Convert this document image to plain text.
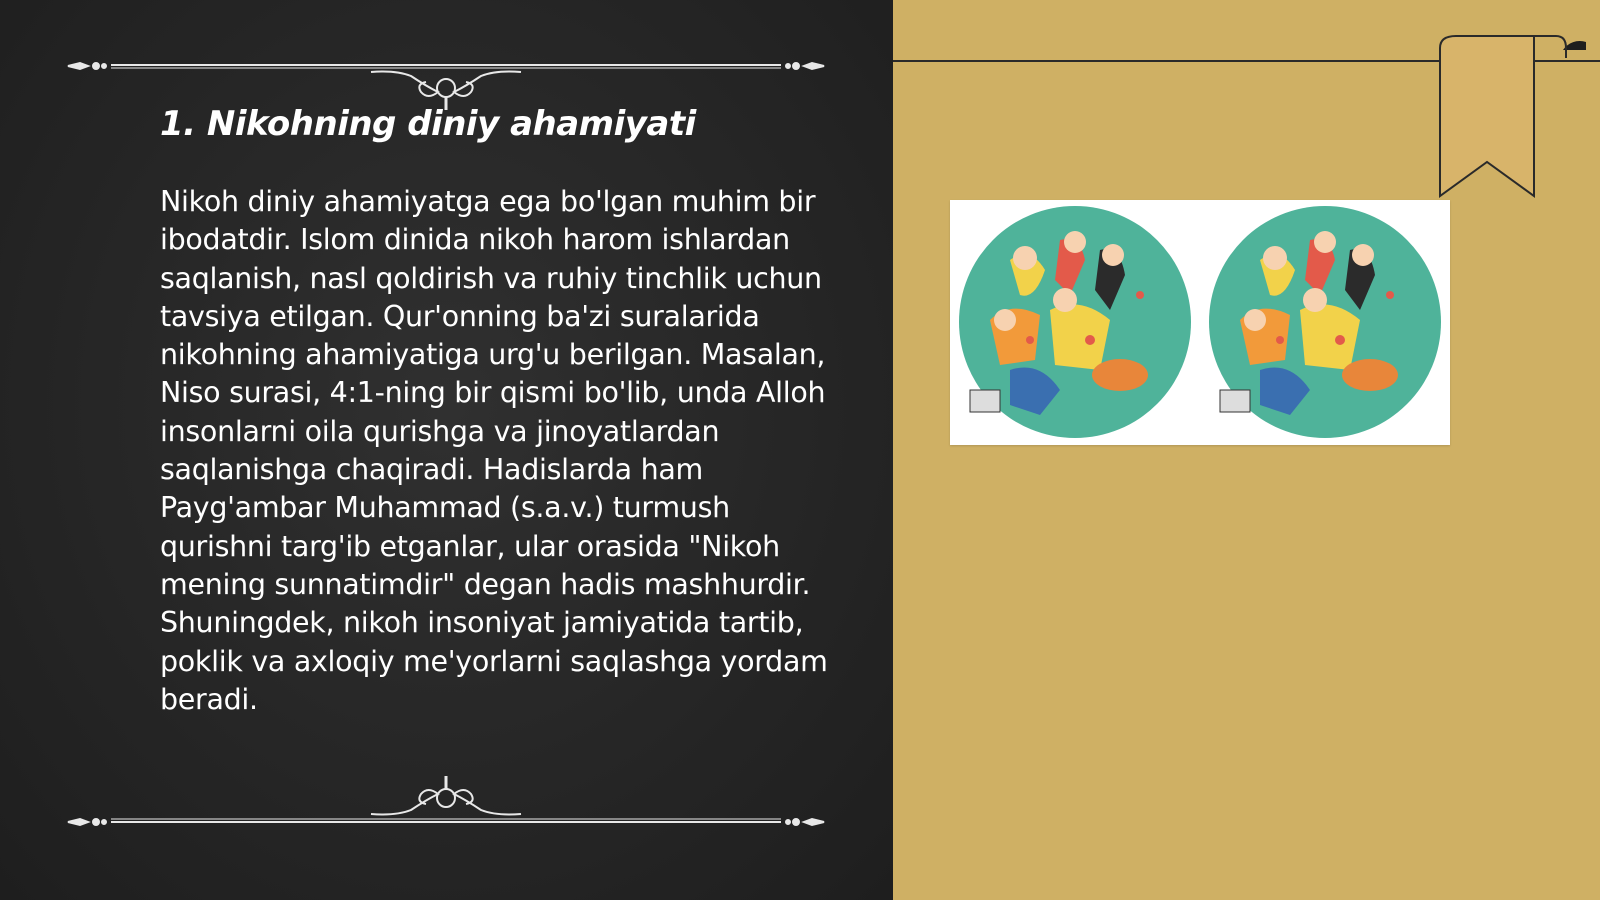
1. Nikohning diniy ahamiyati

Nikoh diniy ahamiyatga ega bo'lgan muhim bir ibodatdir. Islom dinida nikoh harom ishlardan saqlanish, nasl qoldirish va ruhiy tinchlik uchun tavsiya etilgan. Qur'onning ba'zi suralarida nikohning ahamiyatiga urg'u berilgan. Masalan, Niso surasi, 4:1-ning bir qismi bo'lib, unda Alloh insonlarni oila qurishga va jinoyatlardan saqlanishga chaqiradi. Hadislarda ham Payg'ambar Muhammad (s.a.v.) turmush qurishni targ'ib etganlar, ular orasida "Nikoh mening sunnatimdir" degan hadis mashhurdir. Shuningdek, nikoh insoniyat jamiyatida tartib, poklik va axloqiy me'yorlarni saqlashga yordam beradi.
